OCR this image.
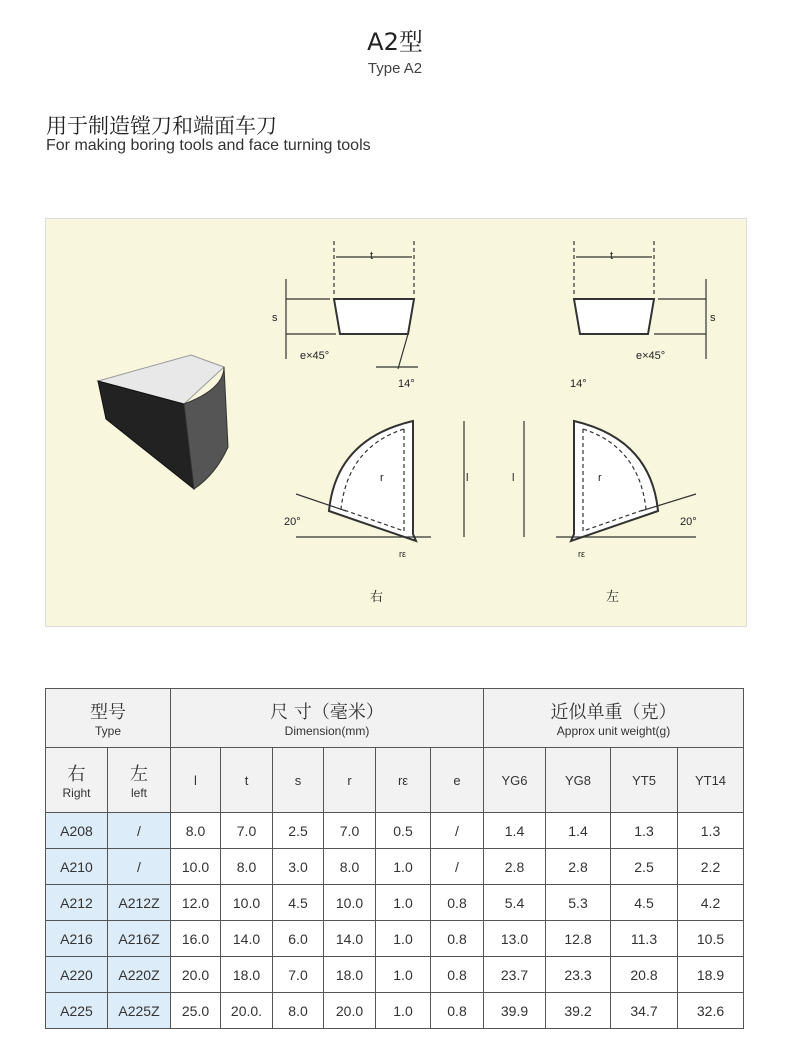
A2型
Type A2
用于制造镗刀和端面车刀
For making boring tools and face turning tools
t
s
e×45°
14°
t
s
e×45°
14°
r	l
20°
rε
右
r
l
20°
rε
左
型号
Type		尺 寸（毫米）
Dimension(mm)						近似单重（克）
Approx unit weight(g)			

右
Right	左
left	l	t	s	r	rε	e	YG6	YG8	YT5	YT14
A208	/	8.0	7.0	2.5	7.0	0.5	/	1.4	1.4	1.3	1.3
A210	/	10.0	8.0	3.0	8.0	1.0	/	2.8	2.8	2.5	2.2
A212	A212Z	12.0	10.0	4.5	10.0	1.0	0.8	5.4	5.3	4.5	4.2
A216	A216Z	16.0	14.0	6.0	14.0	1.0	0.8	13.0	12.8	11.3	10.5
A220	A220Z	20.0	18.0	7.0	18.0	1.0	0.8	23.7	23.3	20.8	18.9
A225	A225Z	25.0	20.0.	8.0	20.0	1.0	0.8	39.9	39.2	34.7	32.6
